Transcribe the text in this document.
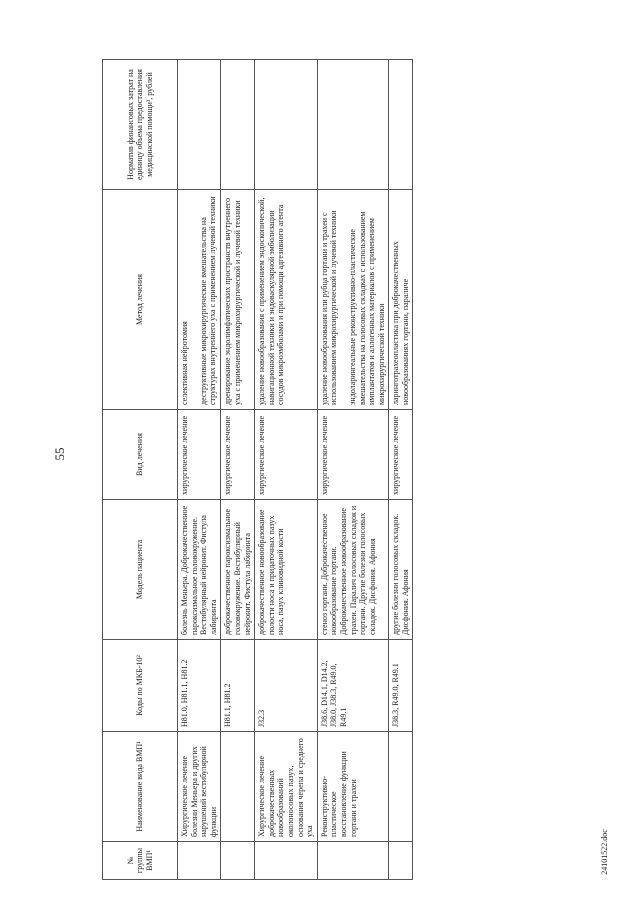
55
24101522.doc
№ группы ВМП¹	Наименование вида ВМП¹	Коды по МКБ-10²	Модель пациента	Вид лечения	Метод лечения	Норматив финансовых затрат на единицу объема предоставления медицинской помощи³, рублей
	Хирургическое лечение болезни Меньера и других нарушений вестибулярной функции	H81.0, H81.1, H81.2	болезнь Меньера. Доброкачественное пароксизмальное головокружение. Вестибулярный нейронит. Фистула лабиринта	хирургическое лечение	селективная нейротомия деструктивные микрохирургические вмешательства на структурах внутреннего уха с применением лучевой техники	

		H81.1, H81.2	доброкачественное пароксизмальное головокружение. Вестибулярный нейронит. Фистула лабиринта	хирургическое лечение	дренирование эндолимфатических пространств внутреннего уха с применением микрохирургической и лучевой техники	

	Хирургическое лечение доброкачественных новообразований околоносовых пазух, основания черепа и среднего уха	J32.3	доброкачественное новообразование полости носа и придаточных пазух носа, пазух клиновидной кости	хирургическое лечение	удаление новообразования с применением эндоскопической, навигационной техники и эндоваскулярной эмболизации сосудов микроэмболами и при помощи адгезивного агента	

	Реконструктивно-пластическое восстановление функции гортани и трахеи	J38.6, D14.1, D14.2, J38.0, J38.3, R49.0, R49.1	стеноз гортани. Доброкачественное новообразование гортани. Доброкачественное новообразование трахеи. Паралич голосовых складок и гортани. Другие болезни голосовых складок. Дисфония. Афония	хирургическое лечение	удаление новообразования или рубца гортани и трахеи с использованием микрохирургической и лучевой техники эндоларингеальные реконструктивно-пластические вмешательства на голосовых складках с использованием имплантатов и аллогенных материалов с применением микрохирургической техники	

		J38.3, R49.0, R49.1	другие болезни голосовых складок. Дисфония. Афония	хирургическое лечение	ларинготрахеопластика при доброкачественных новообразованиях гортани, параличе	
